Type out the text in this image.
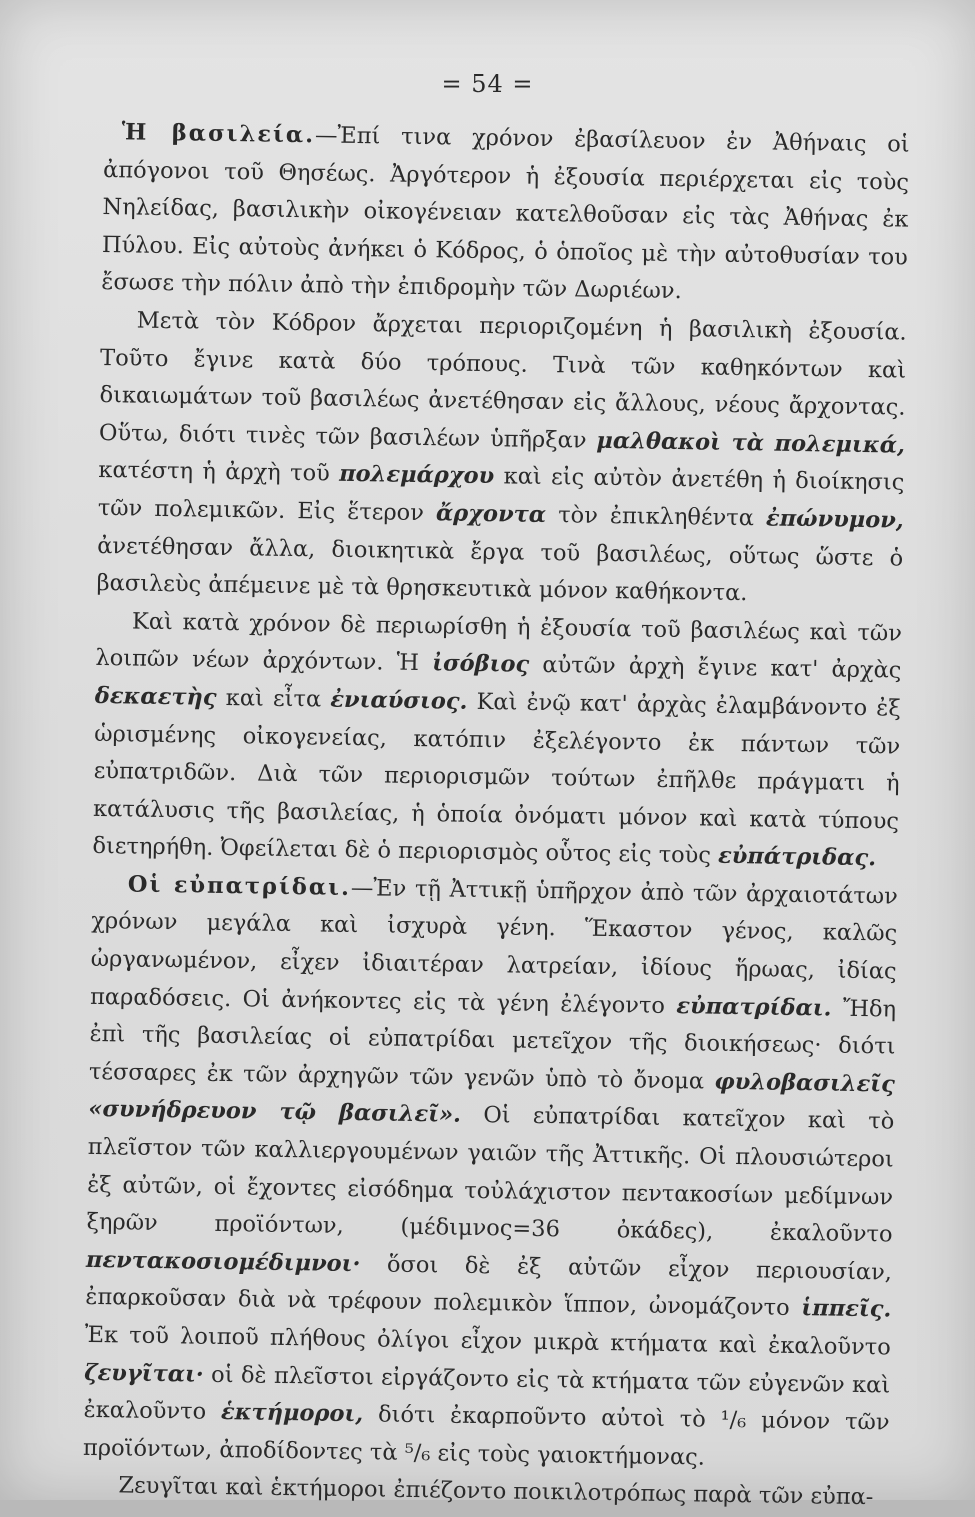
= 54 =

Ἡ βασιλεία.—Ἐπί τινα χρόνον ἐβασίλευον ἐν Ἀθήναις οἱ ἀπόγονοι τοῦ Θησέως. Ἀργότερον ἡ ἐξουσία περιέρχεται εἰς τοὺς Νηλείδας, βασιλικὴν οἰκογένειαν κατελθοῦσαν εἰς τὰς Ἀθήνας ἐκ Πύλου. Εἰς αὐτοὺς ἀνήκει ὁ Κόδρος, ὁ ὁποῖος μὲ τὴν αὐτοθυσίαν του ἔσωσε τὴν πόλιν ἀπὸ τὴν ἐπιδρομὴν τῶν Δωριέων.

Μετὰ τὸν Κόδρον ἄρχεται περιοριζομένη ἡ βασιλικὴ ἐξουσία. Τοῦτο ἔγινε κατὰ δύο τρόπους. Τινὰ τῶν καθηκόντων καὶ δικαιωμάτων τοῦ βασιλέως ἀνετέθησαν εἰς ἄλλους, νέους ἄρχοντας. Οὕτω, διότι τινὲς τῶν βασιλέων ὑπῆρξαν μαλθακοὶ τὰ πολεμικά, κατέστη ἡ ἀρχὴ τοῦ πολεμάρχου καὶ εἰς αὐτὸν ἀνετέθη ἡ διοίκησις τῶν πολεμικῶν. Εἰς ἕτερον ἄρχοντα τὸν ἐπικληθέντα ἐπώνυμον, ἀνετέθησαν ἄλλα, διοικητικὰ ἔργα τοῦ βασιλέως, οὕτως ὥστε ὁ βασιλεὺς ἀπέμεινε μὲ τὰ θρησκευτικὰ μόνον καθήκοντα.

Καὶ κατὰ χρόνον δὲ περιωρίσθη ἡ ἐξουσία τοῦ βασιλέως καὶ τῶν λοιπῶν νέων ἀρχόντων. Ἡ ἰσόβιος αὐτῶν ἀρχὴ ἔγινε κατ' ἀρχὰς δεκαετὴς καὶ εἶτα ἐνιαύσιος. Καὶ ἐνῷ κατ' ἀρχὰς ἐλαμβάνοντο ἐξ ὡρισμένης οἰκογενείας, κατόπιν ἐξελέγοντο ἐκ πάντων τῶν εὐπατριδῶν. Διὰ τῶν περιορισμῶν τούτων ἐπῆλθε πράγματι ἡ κατάλυσις τῆς βασιλείας, ἡ ὁποία ὀνόματι μόνον καὶ κατὰ τύπους διετηρήθη. Ὀφείλεται δὲ ὁ περιορισμὸς οὗτος εἰς τοὺς εὐπάτριδας.

Οἱ εὐπατρίδαι.—Ἐν τῇ Ἀττικῇ ὑπῆρχον ἀπὸ τῶν ἀρχαιοτάτων χρόνων μεγάλα καὶ ἰσχυρὰ γένη. Ἕκαστον γένος, καλῶς ὠργανωμένον, εἶχεν ἰδιαιτέραν λατρείαν, ἰδίους ἥρωας, ἰδίας παραδόσεις. Οἱ ἀνήκοντες εἰς τὰ γένη ἐλέγοντο εὐπατρίδαι. Ἤδη ἐπὶ τῆς βασιλείας οἱ εὐπατρίδαι μετεῖχον τῆς διοικήσεως· διότι τέσσαρες ἐκ τῶν ἀρχηγῶν τῶν γενῶν ὑπὸ τὸ ὄνομα φυλοβασιλεῖς «συνήδρευον τῷ βασιλεῖ». Οἱ εὐπατρίδαι κατεῖχον καὶ τὸ πλεῖστον τῶν καλλιεργουμένων γαιῶν τῆς Ἀττικῆς. Οἱ πλουσιώτεροι ἐξ αὐτῶν, οἱ ἔχοντες εἰσόδημα τοὐλάχιστον πεντακοσίων μεδίμνων ξηρῶν προϊόντων, (μέδιμνος=36 ὀκάδες), ἐκαλοῦντο πεντακοσιομέδιμνοι· ὅσοι δὲ ἐξ αὐτῶν εἶχον περιουσίαν, ἐπαρκοῦσαν διὰ νὰ τρέφουν πολεμικὸν ἵππον, ὠνομάζοντο ἱππεῖς. Ἐκ τοῦ λοιποῦ πλήθους ὀλίγοι εἶχον μικρὰ κτήματα καὶ ἐκαλοῦντο ζευγῖται· οἱ δὲ πλεῖστοι εἰργάζοντο εἰς τὰ κτήματα τῶν εὐγενῶν καὶ ἐκαλοῦντο ἑκτήμοροι, διότι ἐκαρποῦντο αὐτοὶ τὸ ¹/₆ μόνον τῶν προϊόντων, ἀποδίδοντες τὰ ⁵/₆ εἰς τοὺς γαιοκτήμονας.

Ζευγῖται καὶ ἑκτήμοροι ἐπιέζοντο ποικιλοτρόπως παρὰ τῶν εὐπα-
